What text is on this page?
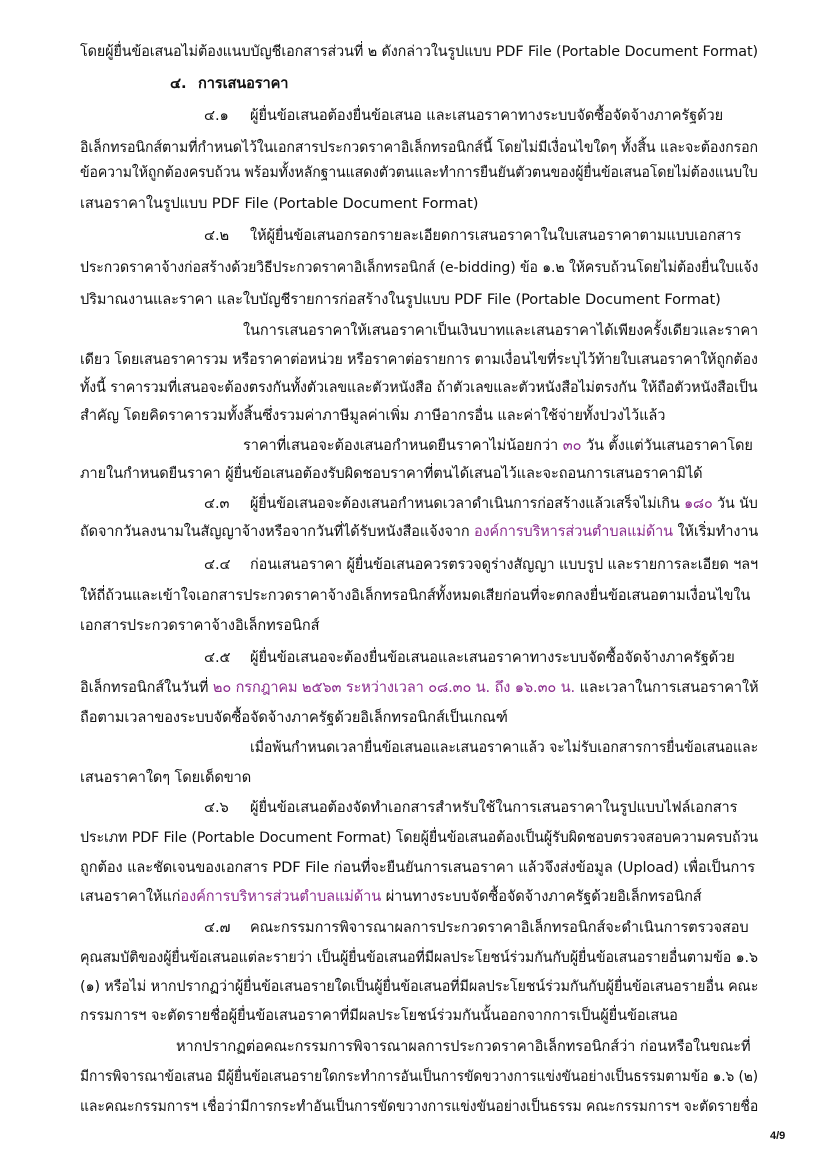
โดยผู้ยื่นข้อเสนอไม่ต้องแนบบัญชีเอกสารส่วนที่ ๒ ดังกล่าวในรูปแบบ PDF File (Portable Document Format)
๔. การเสนอราคา
๔.๑ ผู้ยื่นข้อเสนอต้องยื่นข้อเสนอ และเสนอราคาทางระบบจัดซื้อจัดจ้างภาครัฐด้วย
อิเล็กทรอนิกส์ตามที่กำหนดไว้ในเอกสารประกวดราคาอิเล็กทรอนิกส์นี้ โดยไม่มีเงื่อนไขใดๆ ทั้งสิ้น และจะต้องกรอก
ข้อความให้ถูกต้องครบถ้วน พร้อมทั้งหลักฐานแสดงตัวตนและทำการยืนยันตัวตนของผู้ยื่นข้อเสนอโดยไม่ต้องแนบใบ
เสนอราคาในรูปแบบ PDF File (Portable Document Format)
๔.๒ ให้ผู้ยื่นข้อเสนอกรอกรายละเอียดการเสนอราคาในใบเสนอราคาตามแบบเอกสาร
ประกวดราคาจ้างก่อสร้างด้วยวิธีประกวดราคาอิเล็กทรอนิกส์ (e-bidding) ข้อ ๑.๒ ให้ครบถ้วนโดยไม่ต้องยื่นใบแจ้ง
ปริมาณงานและราคา และใบบัญชีรายการก่อสร้างในรูปแบบ PDF File (Portable Document Format)
ในการเสนอราคาให้เสนอราคาเป็นเงินบาทและเสนอราคาได้เพียงครั้งเดียวและราคา
เดียว โดยเสนอราคารวม หรือราคาต่อหน่วย หรือราคาต่อรายการ ตามเงื่อนไขที่ระบุไว้ท้ายใบเสนอราคาให้ถูกต้อง
ทั้งนี้ ราคารวมที่เสนอจะต้องตรงกันทั้งตัวเลขและตัวหนังสือ ถ้าตัวเลขและตัวหนังสือไม่ตรงกัน ให้ถือตัวหนังสือเป็น
สำคัญ โดยคิดราคารวมทั้งสิ้นซึ่งรวมค่าภาษีมูลค่าเพิ่ม ภาษีอากรอื่น และค่าใช้จ่ายทั้งปวงไว้แล้ว
ราคาที่เสนอจะต้องเสนอกำหนดยืนราคาไม่น้อยกว่า ๓๐ วัน ตั้งแต่วันเสนอราคาโดย
ภายในกำหนดยืนราคา ผู้ยื่นข้อเสนอต้องรับผิดชอบราคาที่ตนได้เสนอไว้และจะถอนการเสนอราคามิได้
๔.๓ ผู้ยื่นข้อเสนอจะต้องเสนอกำหนดเวลาดำเนินการก่อสร้างแล้วเสร็จไม่เกิน ๑๘๐ วัน นับ
ถัดจากวันลงนามในสัญญาจ้างหรือจากวันที่ได้รับหนังสือแจ้งจาก องค์การบริหารส่วนตำบลแม่ด้าน ให้เริ่มทำงาน
๔.๔ ก่อนเสนอราคา ผู้ยื่นข้อเสนอควรตรวจดูร่างสัญญา แบบรูป และรายการละเอียด ฯลฯ
ให้ถี่ถ้วนและเข้าใจเอกสารประกวดราคาจ้างอิเล็กทรอนิกส์ทั้งหมดเสียก่อนที่จะตกลงยื่นข้อเสนอตามเงื่อนไขใน
เอกสารประกวดราคาจ้างอิเล็กทรอนิกส์
๔.๕ ผู้ยื่นข้อเสนอจะต้องยื่นข้อเสนอและเสนอราคาทางระบบจัดซื้อจัดจ้างภาครัฐด้วย
อิเล็กทรอนิกส์ในวันที่ ๒๐ กรกฎาคม ๒๕๖๓ ระหว่างเวลา ๐๘.๓๐ น. ถึง ๑๖.๓๐ น. และเวลาในการเสนอราคาให้
ถือตามเวลาของระบบจัดซื้อจัดจ้างภาครัฐด้วยอิเล็กทรอนิกส์เป็นเกณฑ์
เมื่อพ้นกำหนดเวลายื่นข้อเสนอและเสนอราคาแล้ว จะไม่รับเอกสารการยื่นข้อเสนอและ
เสนอราคาใดๆ โดยเด็ดขาด
๔.๖ ผู้ยื่นข้อเสนอต้องจัดทำเอกสารสำหรับใช้ในการเสนอราคาในรูปแบบไฟล์เอกสาร
ประเภท PDF File (Portable Document Format) โดยผู้ยื่นข้อเสนอต้องเป็นผู้รับผิดชอบตรวจสอบความครบถ้วน
ถูกต้อง และชัดเจนของเอกสาร PDF File ก่อนที่จะยืนยันการเสนอราคา แล้วจึงส่งข้อมูล (Upload) เพื่อเป็นการ
เสนอราคาให้แก่องค์การบริหารส่วนตำบลแม่ด้าน ผ่านทางระบบจัดซื้อจัดจ้างภาครัฐด้วยอิเล็กทรอนิกส์
๔.๗ คณะกรรมการพิจารณาผลการประกวดราคาอิเล็กทรอนิกส์จะดำเนินการตรวจสอบ
คุณสมบัติของผู้ยื่นข้อเสนอแต่ละรายว่า เป็นผู้ยื่นข้อเสนอที่มีผลประโยชน์ร่วมกันกับผู้ยื่นข้อเสนอรายอื่นตามข้อ ๑.๖
(๑) หรือไม่ หากปรากฏว่าผู้ยื่นข้อเสนอรายใดเป็นผู้ยื่นข้อเสนอที่มีผลประโยชน์ร่วมกันกับผู้ยื่นข้อเสนอรายอื่น คณะ
กรรมการฯ จะตัดรายชื่อผู้ยื่นข้อเสนอราคาที่มีผลประโยชน์ร่วมกันนั้นออกจากการเป็นผู้ยื่นข้อเสนอ
หากปรากฏต่อคณะกรรมการพิจารณาผลการประกวดราคาอิเล็กทรอนิกส์ว่า ก่อนหรือในขณะที่
มีการพิจารณาข้อเสนอ มีผู้ยื่นข้อเสนอรายใดกระทำการอันเป็นการขัดขวางการแข่งขันอย่างเป็นธรรมตามข้อ ๑.๖ (๒)
และคณะกรรมการฯ เชื่อว่ามีการกระทำอันเป็นการขัดขวางการแข่งขันอย่างเป็นธรรม คณะกรรมการฯ จะตัดรายชื่อ
4/9
